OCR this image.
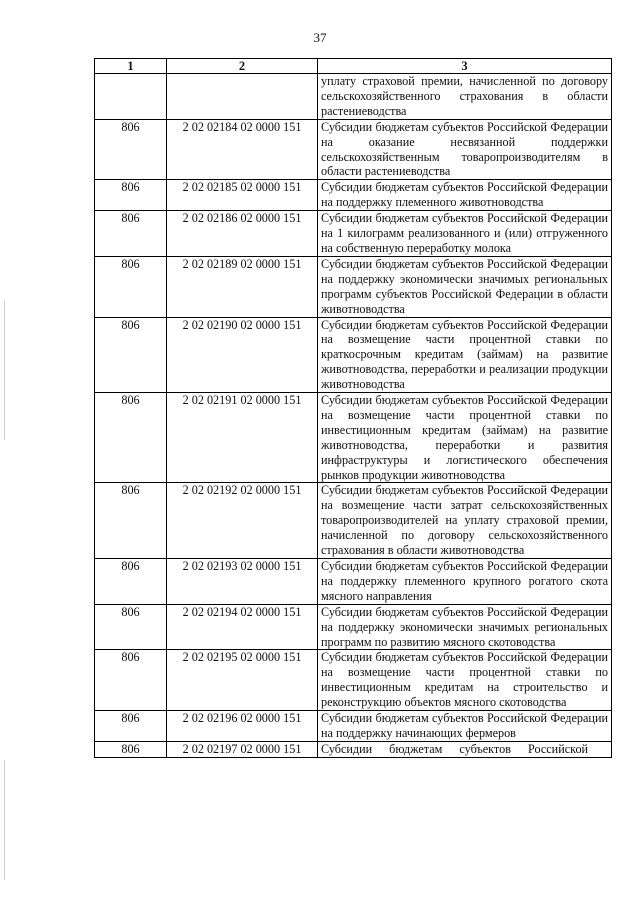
37
1	2	3
		уплату страховой премии, начисленной по договору сельскохозяйственного страхования в области растениеводства
806	2 02 02184 02 0000 151	Субсидии бюджетам субъектов Российской Федерации на оказание несвязанной поддержки сельскохозяйственным товаропроизводителям в области растениеводства
806	2 02 02185 02 0000 151	Субсидии бюджетам субъектов Российской Федерации на поддержку племенного животноводства
806	2 02 02186 02 0000 151	Субсидии бюджетам субъектов Российской Федерации на 1 килограмм реализованного и (или) отгруженного на собственную переработку молока
806	2 02 02189 02 0000 151	Субсидии бюджетам субъектов Российской Федерации на поддержку экономически значимых региональных программ субъектов Российской Федерации в области животноводства
806	2 02 02190 02 0000 151	Субсидии бюджетам субъектов Российской Федерации на возмещение части процентной ставки по краткосрочным кредитам (займам) на развитие животноводства, переработки и реализации продукции животноводства
806	2 02 02191 02 0000 151	Субсидии бюджетам субъектов Российской Федерации на возмещение части процентной ставки по инвестиционным кредитам (займам) на развитие животноводства, переработки и развития инфраструктуры и логистического обеспечения рынков продукции животноводства
806	2 02 02192 02 0000 151	Субсидии бюджетам субъектов Российской Федерации на возмещение части затрат сельскохозяйственных товаропроизводителей на уплату страховой премии, начисленной по договору сельскохозяйственного страхования в области животноводства
806	2 02 02193 02 0000 151	Субсидии бюджетам субъектов Российской Федерации на поддержку племенного крупного рогатого скота мясного направления
806	2 02 02194 02 0000 151	Субсидии бюджетам субъектов Российской Федерации на поддержку экономически значимых региональных программ по развитию мясного скотоводства
806	2 02 02195 02 0000 151	Субсидии бюджетам субъектов Российской Федерации на возмещение части процентной ставки по инвестиционным кредитам на строительство и реконструкцию объектов мясного скотоводства
806	2 02 02196 02 0000 151	Субсидии бюджетам субъектов Российской Федерации на поддержку начинающих фермеров
806	2 02 02197 02 0000 151	Субсидии бюджетам субъектов Российской
